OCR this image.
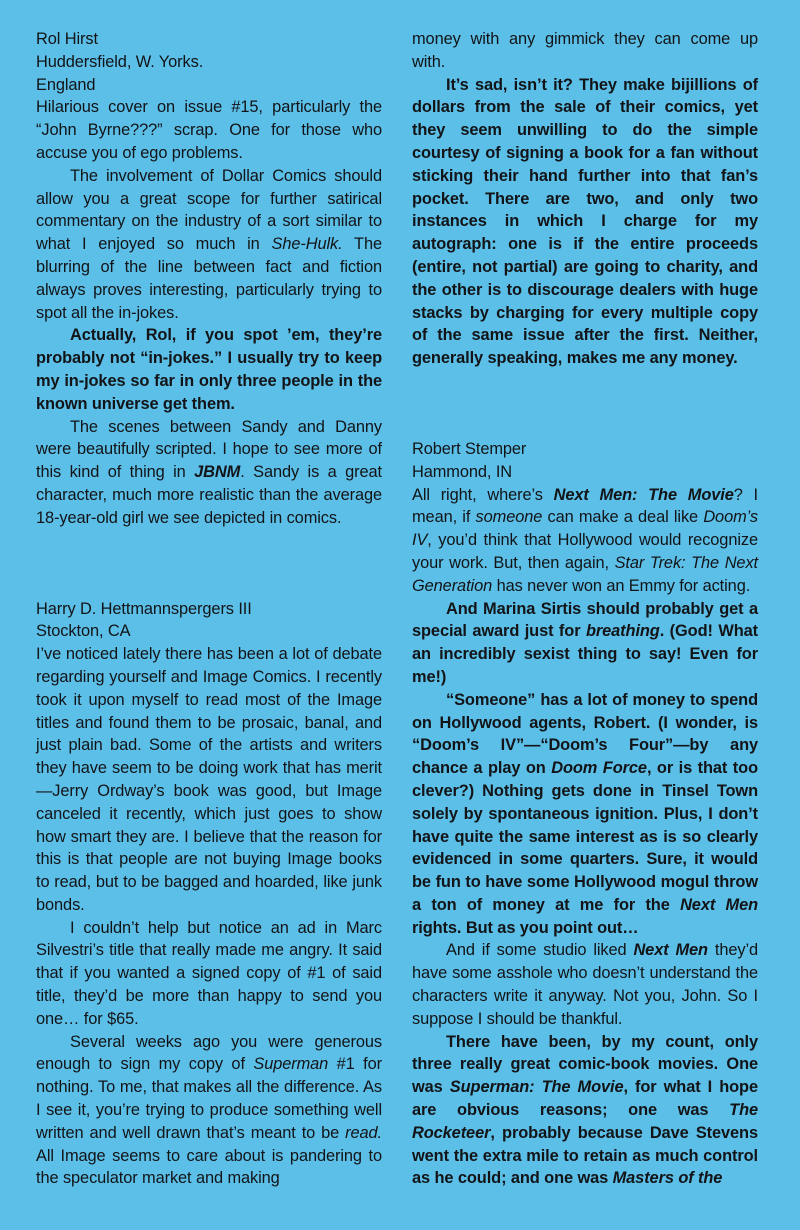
Rol Hirst
Huddersfield, W. Yorks.
England

Hilarious cover on issue #15, particularly the “John Byrne???” scrap. One for those who accuse you of ego problems.

The involvement of Dollar Comics should allow you a great scope for further satirical commentary on the industry of a sort similar to what I enjoyed so much in She-Hulk. The blurring of the line between fact and fiction always proves interesting, particularly trying to spot all the in-jokes.

Actually, Rol, if you spot ’em, they’re probably not “in-jokes.” I usually try to keep my in-jokes so far in only three people in the known universe get them.

The scenes between Sandy and Danny were beautifully scripted. I hope to see more of this kind of thing in JBNM. Sandy is a great character, much more realistic than the average 18-year-old girl we see depicted in comics.

Harry D. Hettmannspergers III
Stockton, CA

I’ve noticed lately there has been a lot of debate regarding yourself and Image Comics. I recently took it upon myself to read most of the Image titles and found them to be prosaic, banal, and just plain bad. Some of the artists and writers they have seem to be doing work that has merit—Jerry Ordway’s book was good, but Image canceled it recently, which just goes to show how smart they are. I believe that the reason for this is that people are not buying Image books to read, but to be bagged and hoarded, like junk bonds.

I couldn’t help but notice an ad in Marc Silvestri’s title that really made me angry. It said that if you wanted a signed copy of #1 of said title, they’d be more than happy to send you one… for $65.

Several weeks ago you were generous enough to sign my copy of Superman #1 for nothing. To me, that makes all the difference. As I see it, you’re trying to produce something well written and well drawn that’s meant to be read. All Image seems to care about is pandering to the speculator market and making

money with any gimmick they can come up with.

It’s sad, isn’t it? They make bijillions of dollars from the sale of their comics, yet they seem unwilling to do the simple courtesy of signing a book for a fan without sticking their hand further into that fan’s pocket. There are two, and only two instances in which I charge for my autograph: one is if the entire proceeds (entire, not partial) are going to charity, and the other is to discourage dealers with huge stacks by charging for every multiple copy of the same issue after the first. Neither, generally speaking, makes me any money.

Robert Stemper
Hammond, IN

All right, where’s Next Men: The Movie? I mean, if someone can make a deal like Doom’s IV, you’d think that Hollywood would recognize your work. But, then again, Star Trek: The Next Generation has never won an Emmy for acting.

And Marina Sirtis should probably get a special award just for breathing. (God! What an incredibly sexist thing to say! Even for me!)

“Someone” has a lot of money to spend on Hollywood agents, Robert. (I wonder, is “Doom’s IV”—“Doom’s Four”—by any chance a play on Doom Force, or is that too clever?) Nothing gets done in Tinsel Town solely by spontaneous ignition. Plus, I don’t have quite the same interest as is so clearly evidenced in some quarters. Sure, it would be fun to have some Hollywood mogul throw a ton of money at me for the Next Men rights. But as you point out…

And if some studio liked Next Men they’d have some asshole who doesn’t understand the characters write it anyway. Not you, John. So I suppose I should be thankful.

There have been, by my count, only three really great comic-book movies. One was Superman: The Movie, for what I hope are obvious reasons; one was The Rocketeer, probably because Dave Stevens went the extra mile to retain as much control as he could; and one was Masters of the
